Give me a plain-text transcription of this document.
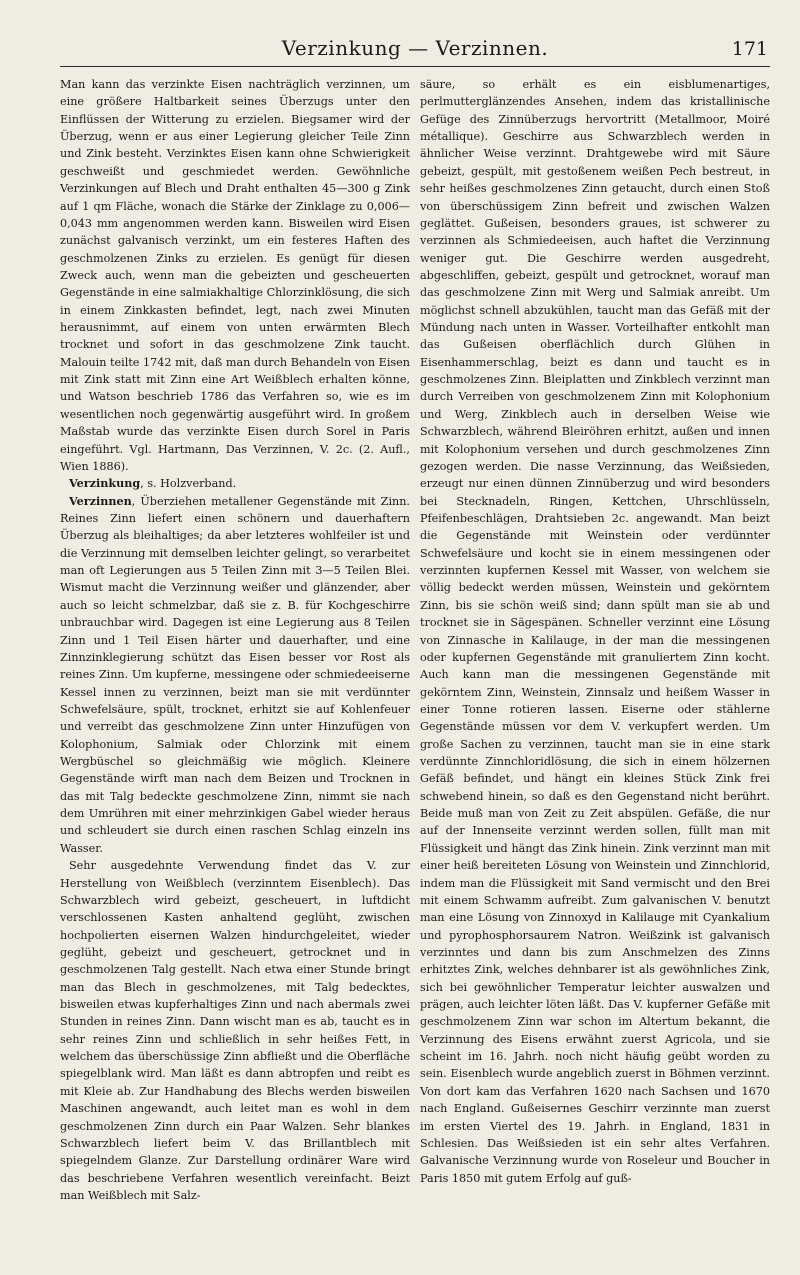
Verzinkung — Verzinnen.	171

Man kann das verzinkte Eisen nachträglich verzinnen, um eine größere Haltbarkeit seines Überzugs unter den Einflüssen der Witterung zu erzielen. Biegsamer wird der Überzug, wenn er aus einer Legierung gleicher Teile Zinn und Zink besteht. Verzinktes Eisen kann ohne Schwierigkeit geschweißt und geschmiedet werden. Gewöhnliche Verzinkungen auf Blech und Draht enthalten 45—300 g Zink auf 1 qm Fläche, wonach die Stärke der Zinklage zu 0,006—0,043 mm angenommen werden kann. Bisweilen wird Eisen zunächst galvanisch verzinkt, um ein festeres Haften des geschmolzenen Zinks zu erzielen. Es genügt für diesen Zweck auch, wenn man die gebeizten und gescheuerten Gegenstände in eine salmiakhaltige Chlorzinklösung, die sich in einem Zinkkasten befindet, legt, nach zwei Minuten herausnimmt, auf einem von unten erwärmten Blech trocknet und sofort in das geschmolzene Zink taucht. Malouin teilte 1742 mit, daß man durch Behandeln von Eisen mit Zink statt mit Zinn eine Art Weißblech erhalten könne, und Watson beschrieb 1786 das Verfahren so, wie es im wesentlichen noch gegenwärtig ausgeführt wird. In großem Maßstab wurde das verzinkte Eisen durch Sorel in Paris eingeführt. Vgl. Hartmann, Das Verzinnen, V. 2c. (2. Aufl., Wien 1886).

Verzinkung, s. Holzverband.

Verzinnen, Überziehen metallener Gegenstände mit Zinn. Reines Zinn liefert einen schönern und dauerhaftern Überzug als bleihaltiges; da aber letzteres wohlfeiler ist und die Verzinnung mit demselben leichter gelingt, so verarbeitet man oft Legierungen aus 5 Teilen Zinn mit 3—5 Teilen Blei. Wismut macht die Verzinnung weißer und glänzender, aber auch so leicht schmelzbar, daß sie z. B. für Kochgeschirre unbrauchbar wird. Dagegen ist eine Legierung aus 8 Teilen Zinn und 1 Teil Eisen härter und dauerhafter, und eine Zinnzinklegierung schützt das Eisen besser vor Rost als reines Zinn. Um kupferne, messingene oder schmiedeeiserne Kessel innen zu verzinnen, beizt man sie mit verdünnter Schwefelsäure, spült, trocknet, erhitzt sie auf Kohlenfeuer und verreibt das geschmolzene Zinn unter Hinzufügen von Kolophonium, Salmiak oder Chlorzink mit einem Wergbüschel so gleichmäßig wie möglich. Kleinere Gegenstände wirft man nach dem Beizen und Trocknen in das mit Talg bedeckte geschmolzene Zinn, nimmt sie nach dem Umrühren mit einer mehrzinkigen Gabel wieder heraus und schleudert sie durch einen raschen Schlag einzeln ins Wasser.

Sehr ausgedehnte Verwendung findet das V. zur Herstellung von Weißblech (verzinntem Eisenblech). Das Schwarzblech wird gebeizt, gescheuert, in luftdicht verschlossenen Kasten anhaltend geglüht, zwischen hochpolierten eisernen Walzen hindurchgeleitet, wieder geglüht, gebeizt und gescheuert, getrocknet und in geschmolzenen Talg gestellt. Nach etwa einer Stunde bringt man das Blech in geschmolzenes, mit Talg bedecktes, bisweilen etwas kupferhaltiges Zinn und nach abermals zwei Stunden in reines Zinn. Dann wischt man es ab, taucht es in sehr reines Zinn und schließlich in sehr heißes Fett, in welchem das überschüssige Zinn abfließt und die Oberfläche spiegelblank wird. Man läßt es dann abtropfen und reibt es mit Kleie ab. Zur Handhabung des Blechs werden bisweilen Maschinen angewandt, auch leitet man es wohl in dem geschmolzenen Zinn durch ein Paar Walzen. Sehr blankes Schwarzblech liefert beim V. das Brillantblech mit spiegelndem Glanze. Zur Darstellung ordinärer Ware wird das beschriebene Verfahren wesentlich vereinfacht. Beizt man Weißblech mit Salz-

säure, so erhält es ein eisblumenartiges, perlmutterglänzendes Ansehen, indem das kristallinische Gefüge des Zinnüberzugs hervortritt (Metallmoor, Moiré métallique). Geschirre aus Schwarzblech werden in ähnlicher Weise verzinnt. Drahtgewebe wird mit Säure gebeizt, gespült, mit gestoßenem weißen Pech bestreut, in sehr heißes geschmolzenes Zinn getaucht, durch einen Stoß von überschüssigem Zinn befreit und zwischen Walzen geglättet. Gußeisen, besonders graues, ist schwerer zu verzinnen als Schmiedeeisen, auch haftet die Verzinnung weniger gut. Die Geschirre werden ausgedreht, abgeschliffen, gebeizt, gespült und getrocknet, worauf man das geschmolzene Zinn mit Werg und Salmiak anreibt. Um möglichst schnell abzukühlen, taucht man das Gefäß mit der Mündung nach unten in Wasser. Vorteilhafter entkohlt man das Gußeisen oberflächlich durch Glühen in Eisenhammerschlag, beizt es dann und taucht es in geschmolzenes Zinn. Bleiplatten und Zinkblech verzinnt man durch Verreiben von geschmolzenem Zinn mit Kolophonium und Werg, Zinkblech auch in derselben Weise wie Schwarzblech, während Bleiröhren erhitzt, außen und innen mit Kolophonium versehen und durch geschmolzenes Zinn gezogen werden. Die nasse Verzinnung, das Weißsieden, erzeugt nur einen dünnen Zinnüberzug und wird besonders bei Stecknadeln, Ringen, Kettchen, Uhrschlüsseln, Pfeifenbeschlägen, Drahtsieben 2c. angewandt. Man beizt die Gegenstände mit Weinstein oder verdünnter Schwefelsäure und kocht sie in einem messingenen oder verzinnten kupfernen Kessel mit Wasser, von welchem sie völlig bedeckt werden müssen, Weinstein und gekörntem Zinn, bis sie schön weiß sind; dann spült man sie ab und trocknet sie in Sägespänen. Schneller verzinnt eine Lösung von Zinnasche in Kalilauge, in der man die messingenen oder kupfernen Gegenstände mit granuliertem Zinn kocht. Auch kann man die messingenen Gegenstände mit gekörntem Zinn, Weinstein, Zinnsalz und heißem Wasser in einer Tonne rotieren lassen. Eiserne oder stählerne Gegenstände müssen vor dem V. verkupfert werden. Um große Sachen zu verzinnen, taucht man sie in eine stark verdünnte Zinnchloridlösung, die sich in einem hölzernen Gefäß befindet, und hängt ein kleines Stück Zink frei schwebend hinein, so daß es den Gegenstand nicht berührt. Beide muß man von Zeit zu Zeit abspülen. Gefäße, die nur auf der Innenseite verzinnt werden sollen, füllt man mit Flüssigkeit und hängt das Zink hinein. Zink verzinnt man mit einer heiß bereiteten Lösung von Weinstein und Zinnchlorid, indem man die Flüssigkeit mit Sand vermischt und den Brei mit einem Schwamm aufreibt. Zum galvanischen V. benutzt man eine Lösung von Zinnoxyd in Kalilauge mit Cyankalium und pyrophosphorsaurem Natron. Weißzink ist galvanisch verzinntes und dann bis zum Anschmelzen des Zinns erhitztes Zink, welches dehnbarer ist als gewöhnliches Zink, sich bei gewöhnlicher Temperatur leichter auswalzen und prägen, auch leichter löten läßt. Das V. kupferner Gefäße mit geschmolzenem Zinn war schon im Altertum bekannt, die Verzinnung des Eisens erwähnt zuerst Agricola, und sie scheint im 16. Jahrh. noch nicht häufig geübt worden zu sein. Eisenblech wurde angeblich zuerst in Böhmen verzinnt. Von dort kam das Verfahren 1620 nach Sachsen und 1670 nach England. Gußeisernes Geschirr verzinnte man zuerst im ersten Viertel des 19. Jahrh. in England, 1831 in Schlesien. Das Weißsieden ist ein sehr altes Verfahren. Galvanische Verzinnung wurde von Roseleur und Boucher in Paris 1850 mit gutem Erfolg auf guß-
